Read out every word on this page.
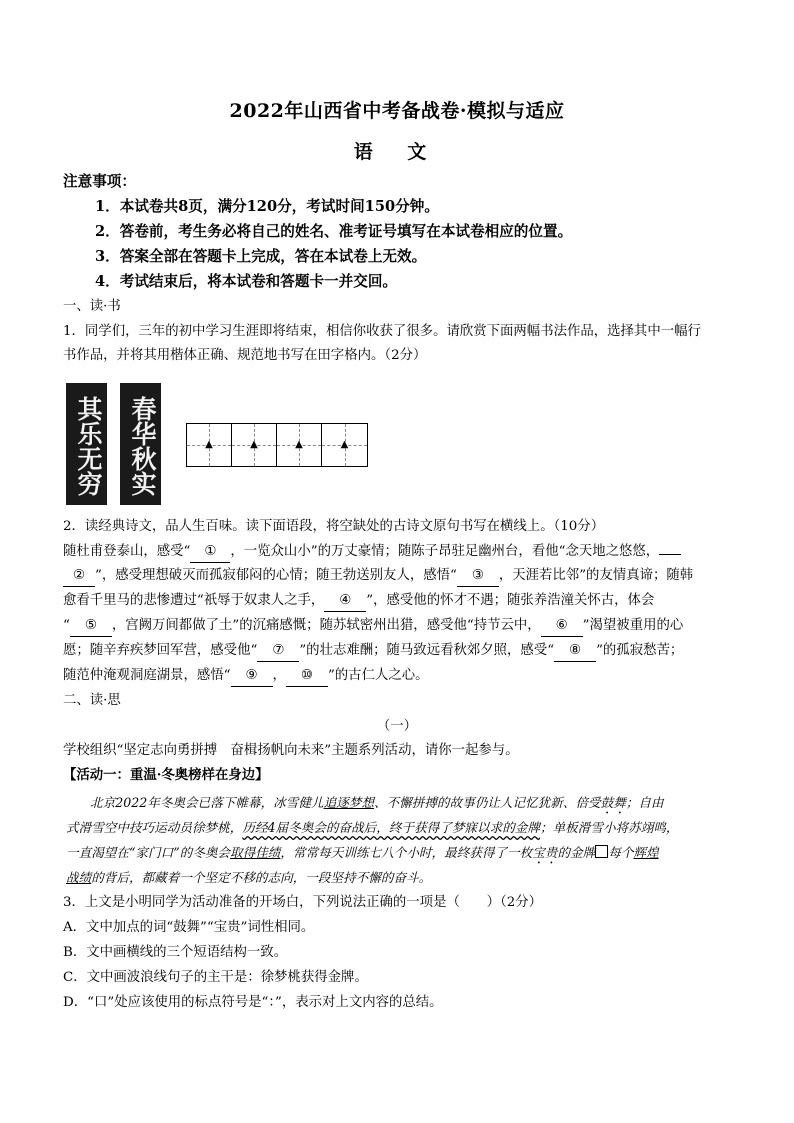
2022年山西省中考备战卷·模拟与适应
语 文
注意事项：
1．本试卷共8页，满分120分，考试时间150分钟。
2．答卷前，考生务必将自己的姓名、准考证号填写在本试卷相应的位置。
3．答案全部在答题卡上完成，答在本试卷上无效。
4．考试结束后，将本试卷和答题卡一并交回。
一、读·书
1．同学们，三年的初中学习生涯即将结束，相信你收获了很多。请欣赏下面两幅书法作品，选择其中一幅行
书作品，并将其用楷体正确、规范地书写在田字格内。（2分）
其乐无穷	春华秋实	▲	▲	▲	▲
2．读经典诗文，品人生百味。读下面语段，将空缺处的古诗文原句书写在横线上。（10分）
随杜甫登泰山，感受“ ① ，一览众山小”的万丈豪情；随陈子昂驻足幽州台，看他“念天地之悠悠，
② ”，感受理想破灭而孤寂郁闷的心情；随王勃送别友人，感悟“ ③ ，天涯若比邻”的友情真谛；随韩
愈看千里马的悲惨遭过“祇辱于奴隶人之手， ④ ”，感受他的怀才不遇；随张养浩潼关怀古，体会
“ ⑤ ，宫阙万间都做了土”的沉痛感慨；随苏轼密州出猎，感受他“持节云中， ⑥ ”渴望被重用的心
愿；随辛弃疾梦回军营，感受他“ ⑦ ”的壮志难酬；随马致远看秋郊夕照，感受“ ⑧ ”的孤寂愁苦；
随范仲淹观洞庭湖景，感悟“ ⑨ ， ⑩ ”的古仁人之心。
二、读·思
（一）
学校组织“坚定志向勇拼搏　奋楫扬帆向未来”主题系列活动，请你一起参与。
【活动一：重温·冬奥榜样在身边】
北京2022年冬奥会已落下帷幕，冰雪健儿追逐梦想、不懈拼搏的故事仍让人记忆犹新、倍受鼓舞；自由
式滑雪空中技巧运动员徐梦桃，历经4届冬奥会的奋战后，终于获得了梦寐以求的金牌；单板滑雪小将苏翊鸣，
一直渴望在“家门口”的冬奥会取得佳绩，常常每天训练七八个小时，最终获得了一枚宝贵的金牌 每个辉煌
战绩的背后，都藏着一个坚定不移的志向，一段坚持不懈的奋斗。
3．上文是小明同学为活动准备的开场白，下列说法正确的一项是（　　）（2分）
A．文中加点的词“鼓舞”“宝贵”词性相同。
B．文中画横线的三个短语结构一致。
C．文中画波浪线句子的主干是：徐梦桃获得金牌。
D．“口”处应该使用的标点符号是“：”，表示对上文内容的总结。
